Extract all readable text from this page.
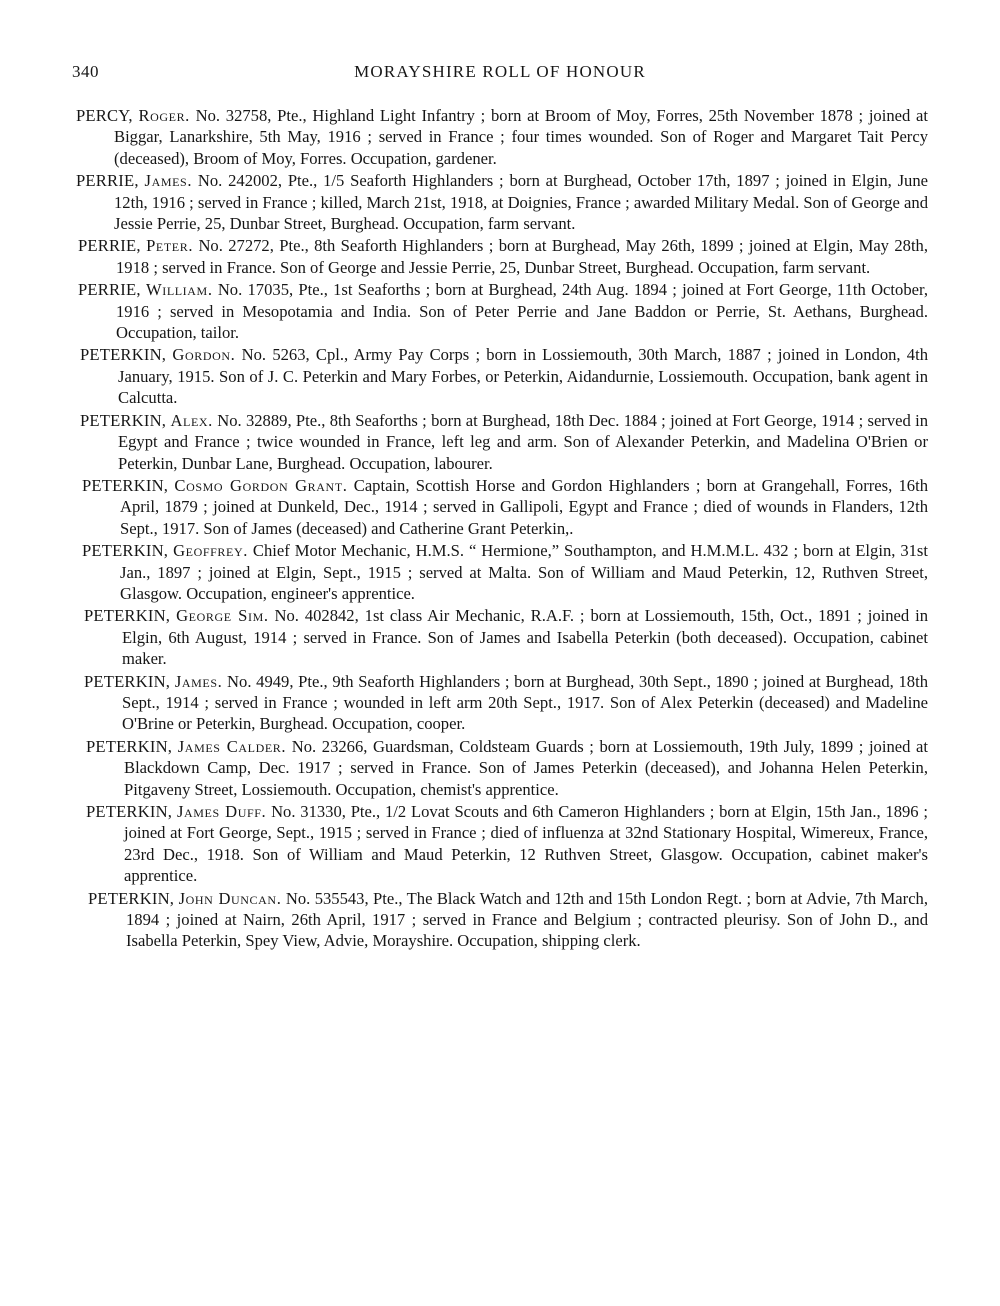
340	MORAYSHIRE ROLL OF HONOUR

PERCY, Roger. No. 32758, Pte., Highland Light Infantry ; born at Broom of Moy, Forres, 25th November 1878 ; joined at Biggar, Lanarkshire, 5th May, 1916 ; served in France ; four times wounded. Son of Roger and Margaret Tait Percy (deceased), Broom of Moy, Forres. Occupation, gardener.

PERRIE, James. No. 242002, Pte., 1/5 Seaforth Highlanders ; born at Burghead, October 17th, 1897 ; joined in Elgin, June 12th, 1916 ; served in France ; killed, March 21st, 1918, at Doignies, France ; awarded Military Medal. Son of George and Jessie Perrie, 25, Dunbar Street, Burghead. Occupation, farm servant.

PERRIE, Peter. No. 27272, Pte., 8th Seaforth Highlanders ; born at Burghead, May 26th, 1899 ; joined at Elgin, May 28th, 1918 ; served in France. Son of George and Jessie Perrie, 25, Dunbar Street, Burghead. Occupation, farm servant.

PERRIE, William. No. 17035, Pte., 1st Seaforths ; born at Burghead, 24th Aug. 1894 ; joined at Fort George, 11th October, 1916 ; served in Mesopotamia and India. Son of Peter Perrie and Jane Baddon or Perrie, St. Aethans, Burghead. Occupation, tailor.

PETERKIN, Gordon. No. 5263, Cpl., Army Pay Corps ; born in Lossiemouth, 30th March, 1887 ; joined in London, 4th January, 1915. Son of J. C. Peterkin and Mary Forbes, or Peterkin, Aidandurnie, Lossiemouth. Occupation, bank agent in Calcutta.

PETERKIN, Alex. No. 32889, Pte., 8th Seaforths ; born at Burghead, 18th Dec. 1884 ; joined at Fort George, 1914 ; served in Egypt and France ; twice wounded in France, left leg and arm. Son of Alexander Peterkin, and Madelina O'Brien or Peterkin, Dunbar Lane, Burghead. Occupation, labourer.

PETERKIN, Cosmo Gordon Grant. Captain, Scottish Horse and Gordon Highlanders ; born at Grangehall, Forres, 16th April, 1879 ; joined at Dunkeld, Dec., 1914 ; served in Gallipoli, Egypt and France ; died of wounds in Flanders, 12th Sept., 1917. Son of James (deceased) and Catherine Grant Peterkin,.

PETERKIN, Geoffrey. Chief Motor Mechanic, H.M.S. “ Hermione,” Southampton, and H.M.M.L. 432 ; born at Elgin, 31st Jan., 1897 ; joined at Elgin, Sept., 1915 ; served at Malta. Son of William and Maud Peterkin, 12, Ruthven Street, Glasgow. Occupation, engineer's apprentice.

PETERKIN, George Sim. No. 402842, 1st class Air Mechanic, R.A.F. ; born at Lossiemouth, 15th, Oct., 1891 ; joined in Elgin, 6th August, 1914 ; served in France. Son of James and Isabella Peterkin (both deceased). Occupation, cabinet maker.

PETERKIN, James. No. 4949, Pte., 9th Seaforth Highlanders ; born at Burghead, 30th Sept., 1890 ; joined at Burghead, 18th Sept., 1914 ; served in France ; wounded in left arm 20th Sept., 1917. Son of Alex Peterkin (deceased) and Madeline O'Brine or Peterkin, Burghead. Occupation, cooper.

PETERKIN, James Calder. No. 23266, Guardsman, Coldsteam Guards ; born at Lossiemouth, 19th July, 1899 ; joined at Blackdown Camp, Dec. 1917 ; served in France. Son of James Peterkin (deceased), and Johanna Helen Peterkin, Pitgaveny Street, Lossiemouth. Occupation, chemist's apprentice.

PETERKIN, James Duff. No. 31330, Pte., 1/2 Lovat Scouts and 6th Cameron Highlanders ; born at Elgin, 15th Jan., 1896 ; joined at Fort George, Sept., 1915 ; served in France ; died of influenza at 32nd Stationary Hospital, Wimereux, France, 23rd Dec., 1918. Son of William and Maud Peterkin, 12 Ruthven Street, Glasgow. Occupation, cabinet maker's apprentice.

PETERKIN, John Duncan. No. 535543, Pte., The Black Watch and 12th and 15th London Regt. ; born at Advie, 7th March, 1894 ; joined at Nairn, 26th April, 1917 ; served in France and Belgium ; contracted pleurisy. Son of John D., and Isabella Peterkin, Spey View, Advie, Morayshire. Occupation, shipping clerk.
